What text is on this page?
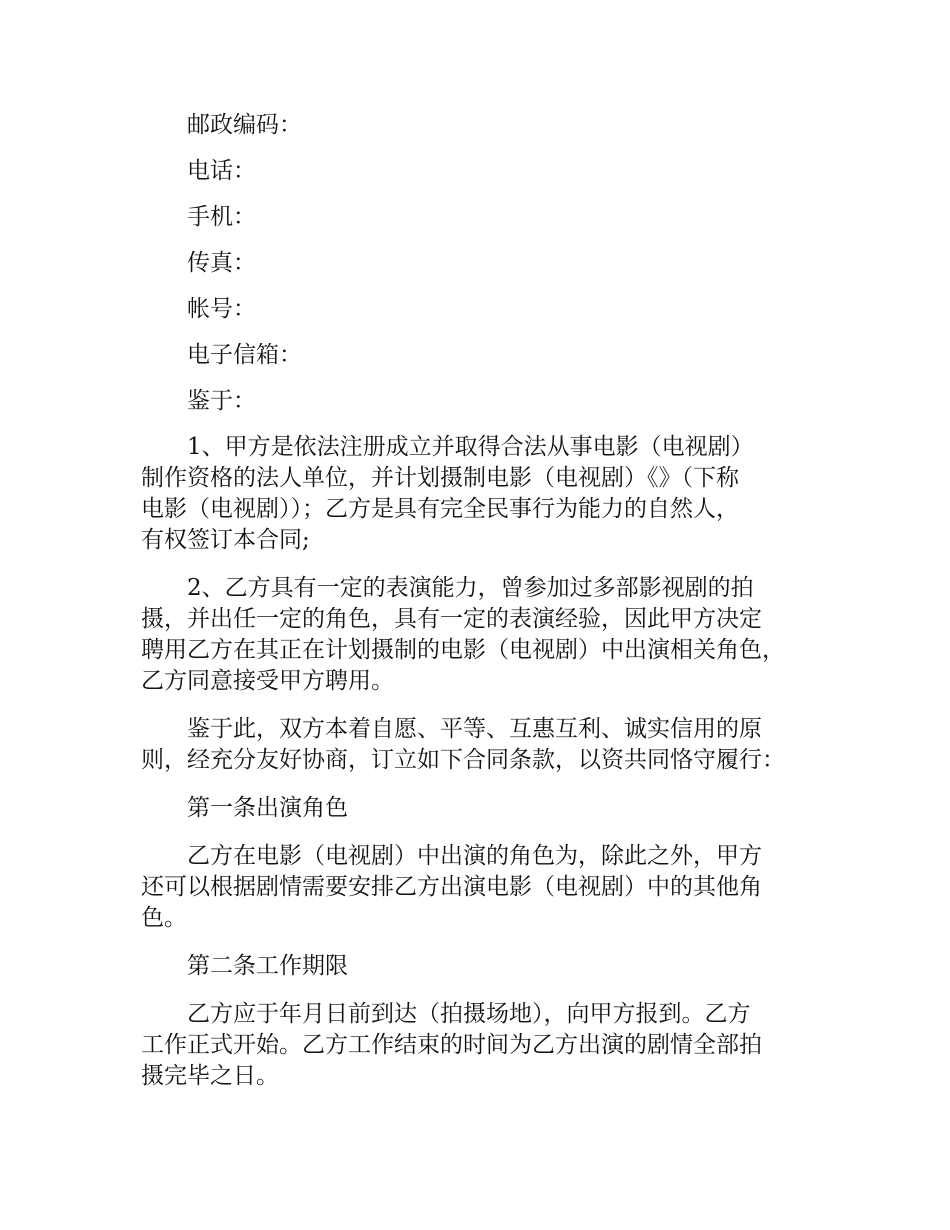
邮政编码：

电话：

手机：

传真：

帐号：

电子信箱：

鉴于：

1、甲方是依法注册成立并取得合法从事电影（电视剧）
制作资格的法人单位，并计划摄制电影（电视剧）《》（下称
电影（电视剧））；乙方是具有完全民事行为能力的自然人，
有权签订本合同;
2、乙方具有一定的表演能力，曾参加过多部影视剧的拍
摄，并出任一定的角色，具有一定的表演经验，因此甲方决定
聘用乙方在其正在计划摄制的电影（电视剧）中出演相关角色，
乙方同意接受甲方聘用。
鉴于此，双方本着自愿、平等、互惠互利、诚实信用的原
则，经充分友好协商，订立如下合同条款，以资共同恪守履行：
第一条出演角色
乙方在电影（电视剧）中出演的角色为，除此之外，甲方
还可以根据剧情需要安排乙方出演电影（电视剧）中的其他角
色。
第二条工作期限
乙方应于年月日前到达（拍摄场地），向甲方报到。乙方
工作正式开始。乙方工作结束的时间为乙方出演的剧情全部拍
摄完毕之日。
